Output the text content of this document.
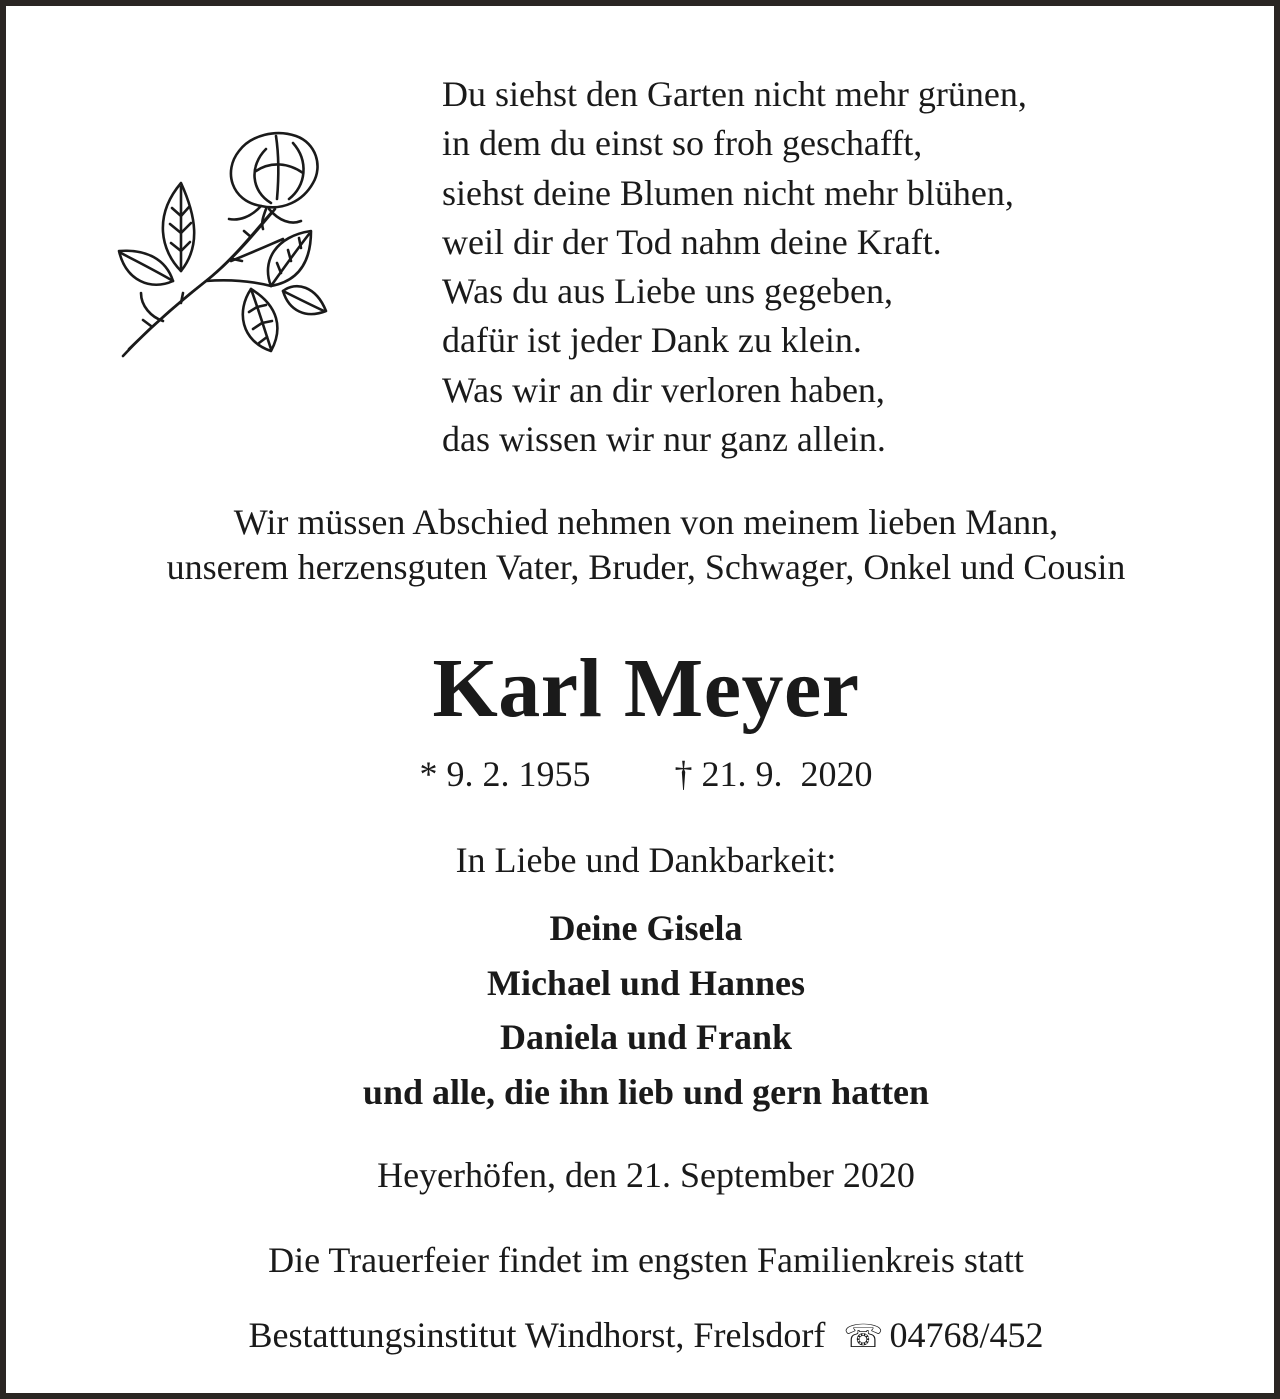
Du siehst den Garten nicht mehr grünen,
in dem du einst so froh geschafft,
siehst deine Blumen nicht mehr blühen,
weil dir der Tod nahm deine Kraft.
Was du aus Liebe uns gegeben,
dafür ist jeder Dank zu klein.
Was wir an dir verloren haben,
das wissen wir nur ganz allein.
Wir müssen Abschied nehmen von meinem lieben Mann,
unserem herzensguten Vater, Bruder, Schwager, Onkel und Cousin
Karl Meyer
* 9. 2. 1955 † 21. 9.  2020
In Liebe und Dankbarkeit:
Deine Gisela
Michael und Hannes
Daniela und Frank
und alle, die ihn lieb und gern hatten
Heyerhöfen, den 21. September 2020
Die Trauerfeier findet im engsten Familienkreis statt
Bestattungsinstitut Windhorst, Frelsdorf ☏ 04768/452
